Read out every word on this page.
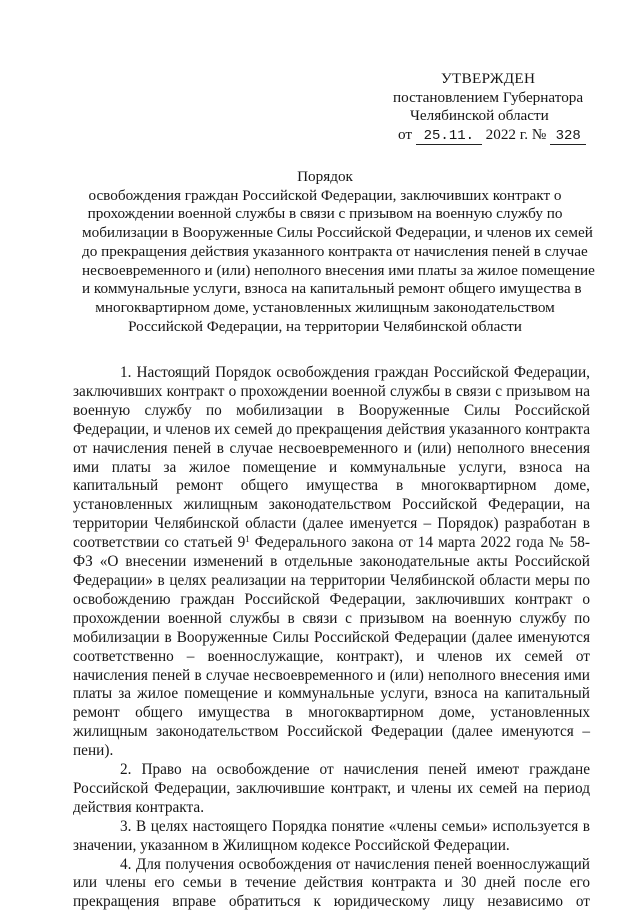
УТВЕРЖДЕН
постановлением Губернатора
Челябинской области
от 25.11. 2022 г. № 328
Порядок
освобождения граждан Российской Федерации, заключивших контракт о
прохождении военной службы в связи с призывом на военную службу по
мобилизации в Вооруженные Силы Российской Федерации, и членов их семей
до прекращения действия указанного контракта от начисления пеней в случае
несвоевременного и (или) неполного внесения ими платы за жилое помещение
и коммунальные услуги, взноса на капитальный ремонт общего имущества в
многоквартирном доме, установленных жилищным законодательством
Российской Федерации, на территории Челябинской области

1. Настоящий Порядок освобождения граждан Российской Федерации, заключивших контракт о прохождении военной службы в связи с призывом на военную службу по мобилизации в Вооруженные Силы Российской Федерации, и членов их семей до прекращения действия указанного контракта от начисления пеней в случае несвоевременного и (или) неполного внесения ими платы за жилое помещение и коммунальные услуги, взноса на капитальный ремонт общего имущества в многоквартирном доме, установленных жилищным законодательством Российской Федерации, на территории Челябинской области (далее именуется – Порядок) разработан в соответствии со статьей $9^1$ Федерального закона от 14 марта 2022 года № 58-ФЗ «О внесении изменений в отдельные законодательные акты Российской Федерации» в целях реализации на территории Челябинской области меры по освобождению граждан Российской Федерации, заключивших контракт о прохождении военной службы в связи с призывом на военную службу по мобилизации в Вооруженные Силы Российской Федерации (далее именуются соответственно – военнослужащие, контракт), и членов их семей от начисления пеней в случае несвоевременного и (или) неполного внесения ими платы за жилое помещение и коммунальные услуги, взноса на капитальный ремонт общего имущества в многоквартирном доме, установленных жилищным законодательством Российской Федерации (далее именуются – пени).

2. Право на освобождение от начисления пеней имеют граждане Российской Федерации, заключившие контракт, и члены их семей на период действия контракта.

3. В целях настоящего Порядка понятие «члены семьи» используется в значении, указанном в Жилищном кодексе Российской Федерации.

4. Для получения освобождения от начисления пеней военнослужащий или члены его семьи в течение действия контракта и 30 дней после его прекращения вправе обратиться к юридическому лицу независимо от
